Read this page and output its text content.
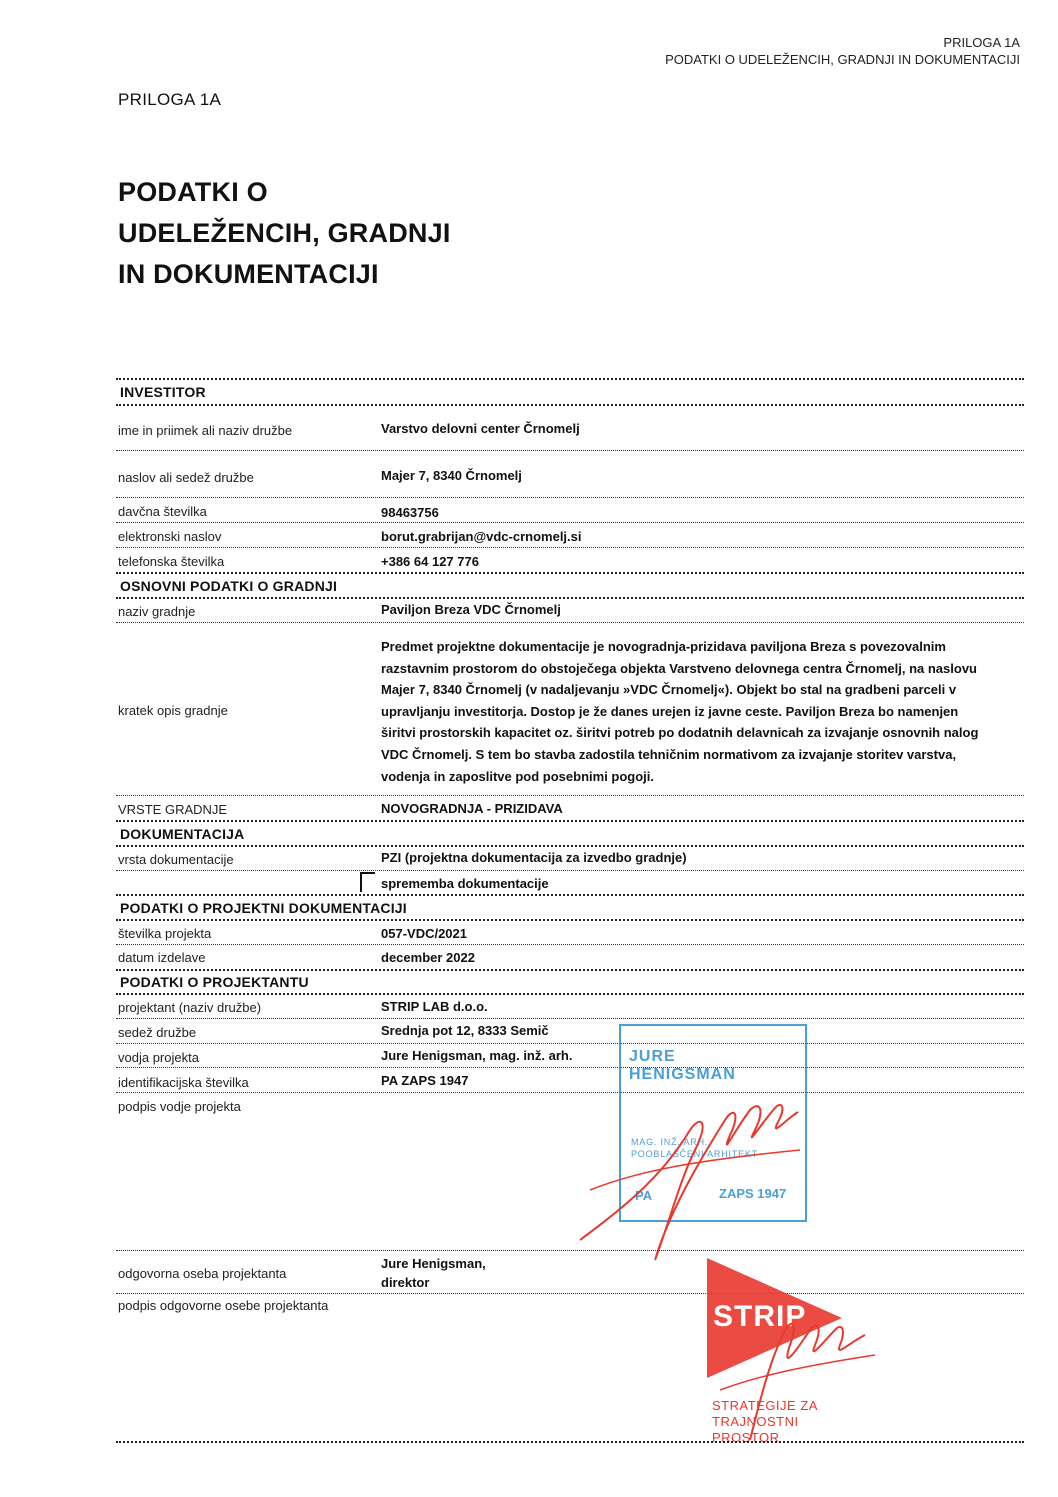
PRILOGA 1A
PODATKI O UDELEŽENCIH, GRADNJI IN DOKUMENTACIJI
PRILOGA 1A
PODATKI O
UDELEŽENCIH, GRADNJI
IN DOKUMENTACIJI
INVESTITOR
ime in priimek ali naziv družbe	Varstvo delovni center Črnomelj
naslov ali sedež družbe	Majer 7, 8340 Črnomelj
davčna številka	98463756
elektronski naslov	borut.grabrijan@vdc-crnomelj.si
telefonska številka	+386 64 127 776
OSNOVNI PODATKI O GRADNJI
naziv gradnje	Paviljon Breza VDC Črnomelj
kratek opis gradnje
Predmet projektne dokumentacije je novogradnja-prizidava paviljona Breza s povezovalnim razstavnim prostorom do obstoječega objekta Varstveno delovnega centra Črnomelj, na naslovu Majer 7, 8340 Črnomelj (v nadaljevanju »VDC Črnomelj«). Objekt bo stal na gradbeni parceli v upravljanju investitorja. Dostop je že danes urejen iz javne ceste. Paviljon Breza bo namenjen širitvi prostorskih kapacitet oz. širitvi potreb po dodatnih delavnicah za izvajanje osnovnih nalog VDC Črnomelj. S tem bo stavba zadostila tehničnim normativom za izvajanje storitev varstva, vodenja in zaposlitve pod posebnimi pogoji.
VRSTE GRADNJE	NOVOGRADNJA - PRIZIDAVA
DOKUMENTACIJA
vrsta dokumentacije	PZI (projektna dokumentacija za izvedbo gradnje)
sprememba dokumentacije
PODATKI O PROJEKTNI DOKUMENTACIJI
številka projekta	057-VDC/2021
datum izdelave	december 2022
PODATKI O PROJEKTANTU
projektant (naziv družbe)	STRIP LAB d.o.o.
sedež družbe	Srednja pot 12, 8333 Semič
vodja projekta	Jure Henigsman, mag. inž. arh.
identifikacijska številka	PA ZAPS 1947
podpis vodje projekta
JURE
HENIGSMAN
MAG. INŽ. ARH.
POOBLAŠČENI ARHITEKT
PA	ZAPS 1947
odgovorna oseba projektanta
Jure Henigsman,
direktor
podpis odgovorne osebe projektanta	STRIP
STRATEGIJE ZA
TRAJNOSTNI
PROSTOR
